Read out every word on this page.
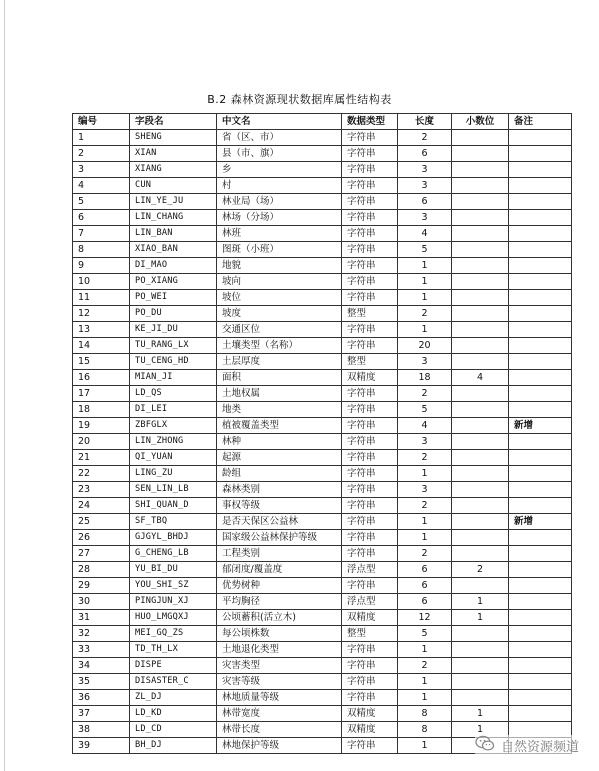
B.2 森林资源现状数据库属性结构表
编号	字段名	中文名	数据类型	长度	小数位	备注
1	SHENG	省（区、市）	字符串	2		
2	XIAN	县（市、旗）	字符串	6		
3	XIANG	乡	字符串	3		
4	CUN	村	字符串	3		
5	LIN_YE_JU	林业局（场）	字符串	6		
6	LIN_CHANG	林场（分场）	字符串	3		
7	LIN_BAN	林班	字符串	4		
8	XIAO_BAN	图斑（小班）	字符串	5		
9	DI_MAO	地貌	字符串	1		
10	PO_XIANG	坡向	字符串	1		
11	PO_WEI	坡位	字符串	1		
12	PO_DU	坡度	整型	2		
13	KE_JI_DU	交通区位	字符串	1		
14	TU_RANG_LX	土壤类型（名称）	字符串	20		
15	TU_CENG_HD	土层厚度	整型	3		
16	MIAN_JI	面积	双精度	18	4	
17	LD_QS	土地权属	字符串	2		
18	DI_LEI	地类	字符串	5		
19	ZBFGLX	植被覆盖类型	字符串	4		新增
20	LIN_ZHONG	林种	字符串	3		
21	QI_YUAN	起源	字符串	2		
22	LING_ZU	龄组	字符串	1		
23	SEN_LIN_LB	森林类别	字符串	3		
24	SHI_QUAN_D	事权等级	字符串	2		
25	SF_TBQ	是否天保区公益林	字符串	1		新增
26	GJGYL_BHDJ	国家级公益林保护等级	字符串	1		
27	G_CHENG_LB	工程类别	字符串	2		
28	YU_BI_DU	郁闭度/覆盖度	浮点型	6	2	
29	YOU_SHI_SZ	优势树种	字符串	6		
30	PINGJUN_XJ	平均胸径	浮点型	6	1	
31	HUO_LMGQXJ	公顷蓄积(活立木)	双精度	12	1	
32	MEI_GQ_ZS	每公顷株数	整型	5		
33	TD_TH_LX	土地退化类型	字符串	1		
34	DISPE	灾害类型	字符串	2		
35	DISASTER_C	灾害等级	字符串	1		
36	ZL_DJ	林地质量等级	字符串	1		
37	LD_KD	林带宽度	双精度	8	1	
38	LD_CD	林带长度	双精度	8	1	
39	BH_DJ	林地保护等级	字符串	1			自然资源频道
